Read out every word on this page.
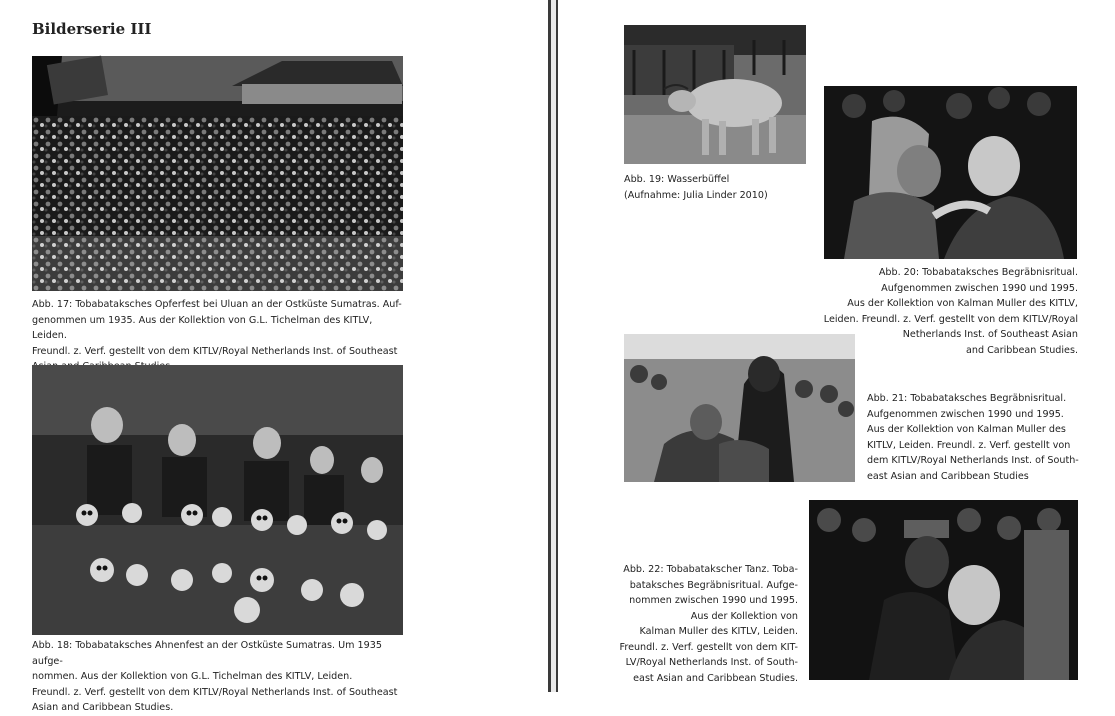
Bilderserie III

Abb. 17: Tobabataksches Opferfest bei Uluan an der Ostküste Sumatras. Auf-
genommen um 1935. Aus der Kollektion von G.L. Tichelman des KITLV, Leiden.
Freundl. z. Verf. gestellt von dem KITLV/Royal Netherlands Inst. of Southeast

Abb. 18: Tobabataksches Ahnenfest an der Ostküste Sumatras. Um 1935 aufge-
nommen. Aus der Kollektion von G.L. Tichelman des KITLV, Leiden.
Freundl. z. Verf. gestellt von dem KITLV/Royal Netherlands Inst. of Southeast
Asian and Caribbean Studies.

Abb. 19: Wasserbüffel
(Aufnahme: Julia Linder 2010)

Abb. 20: Tobabataksches Begräbnisritual.
Aufgenommen zwischen 1990 und 1995.
Aus der Kollektion von Kalman Muller des KITLV,
Leiden. Freundl. z. Verf. gestellt von dem KITLV/Royal
Netherlands Inst. of Southeast Asian
and Caribbean Studies.

Abb. 21: Tobabataksches Begräbnisritual.
Aufgenommen zwischen 1990 und 1995.
Aus der Kollektion von Kalman Muller des
KITLV, Leiden. Freundl. z. Verf. gestellt von
dem KITLV/Royal Netherlands Inst. of South-
east Asian and Caribbean Studies

Abb. 22: Tobabatakscher Tanz. Toba-
bataksches Begräbnisritual. Aufge-
nommen zwischen 1990 und 1995.
Aus der Kollektion von
Kalman Muller des KITLV, Leiden.
Freundl. z. Verf. gestellt von dem KIT-
LV/Royal Netherlands Inst. of South-
east Asian and Caribbean Studies.
